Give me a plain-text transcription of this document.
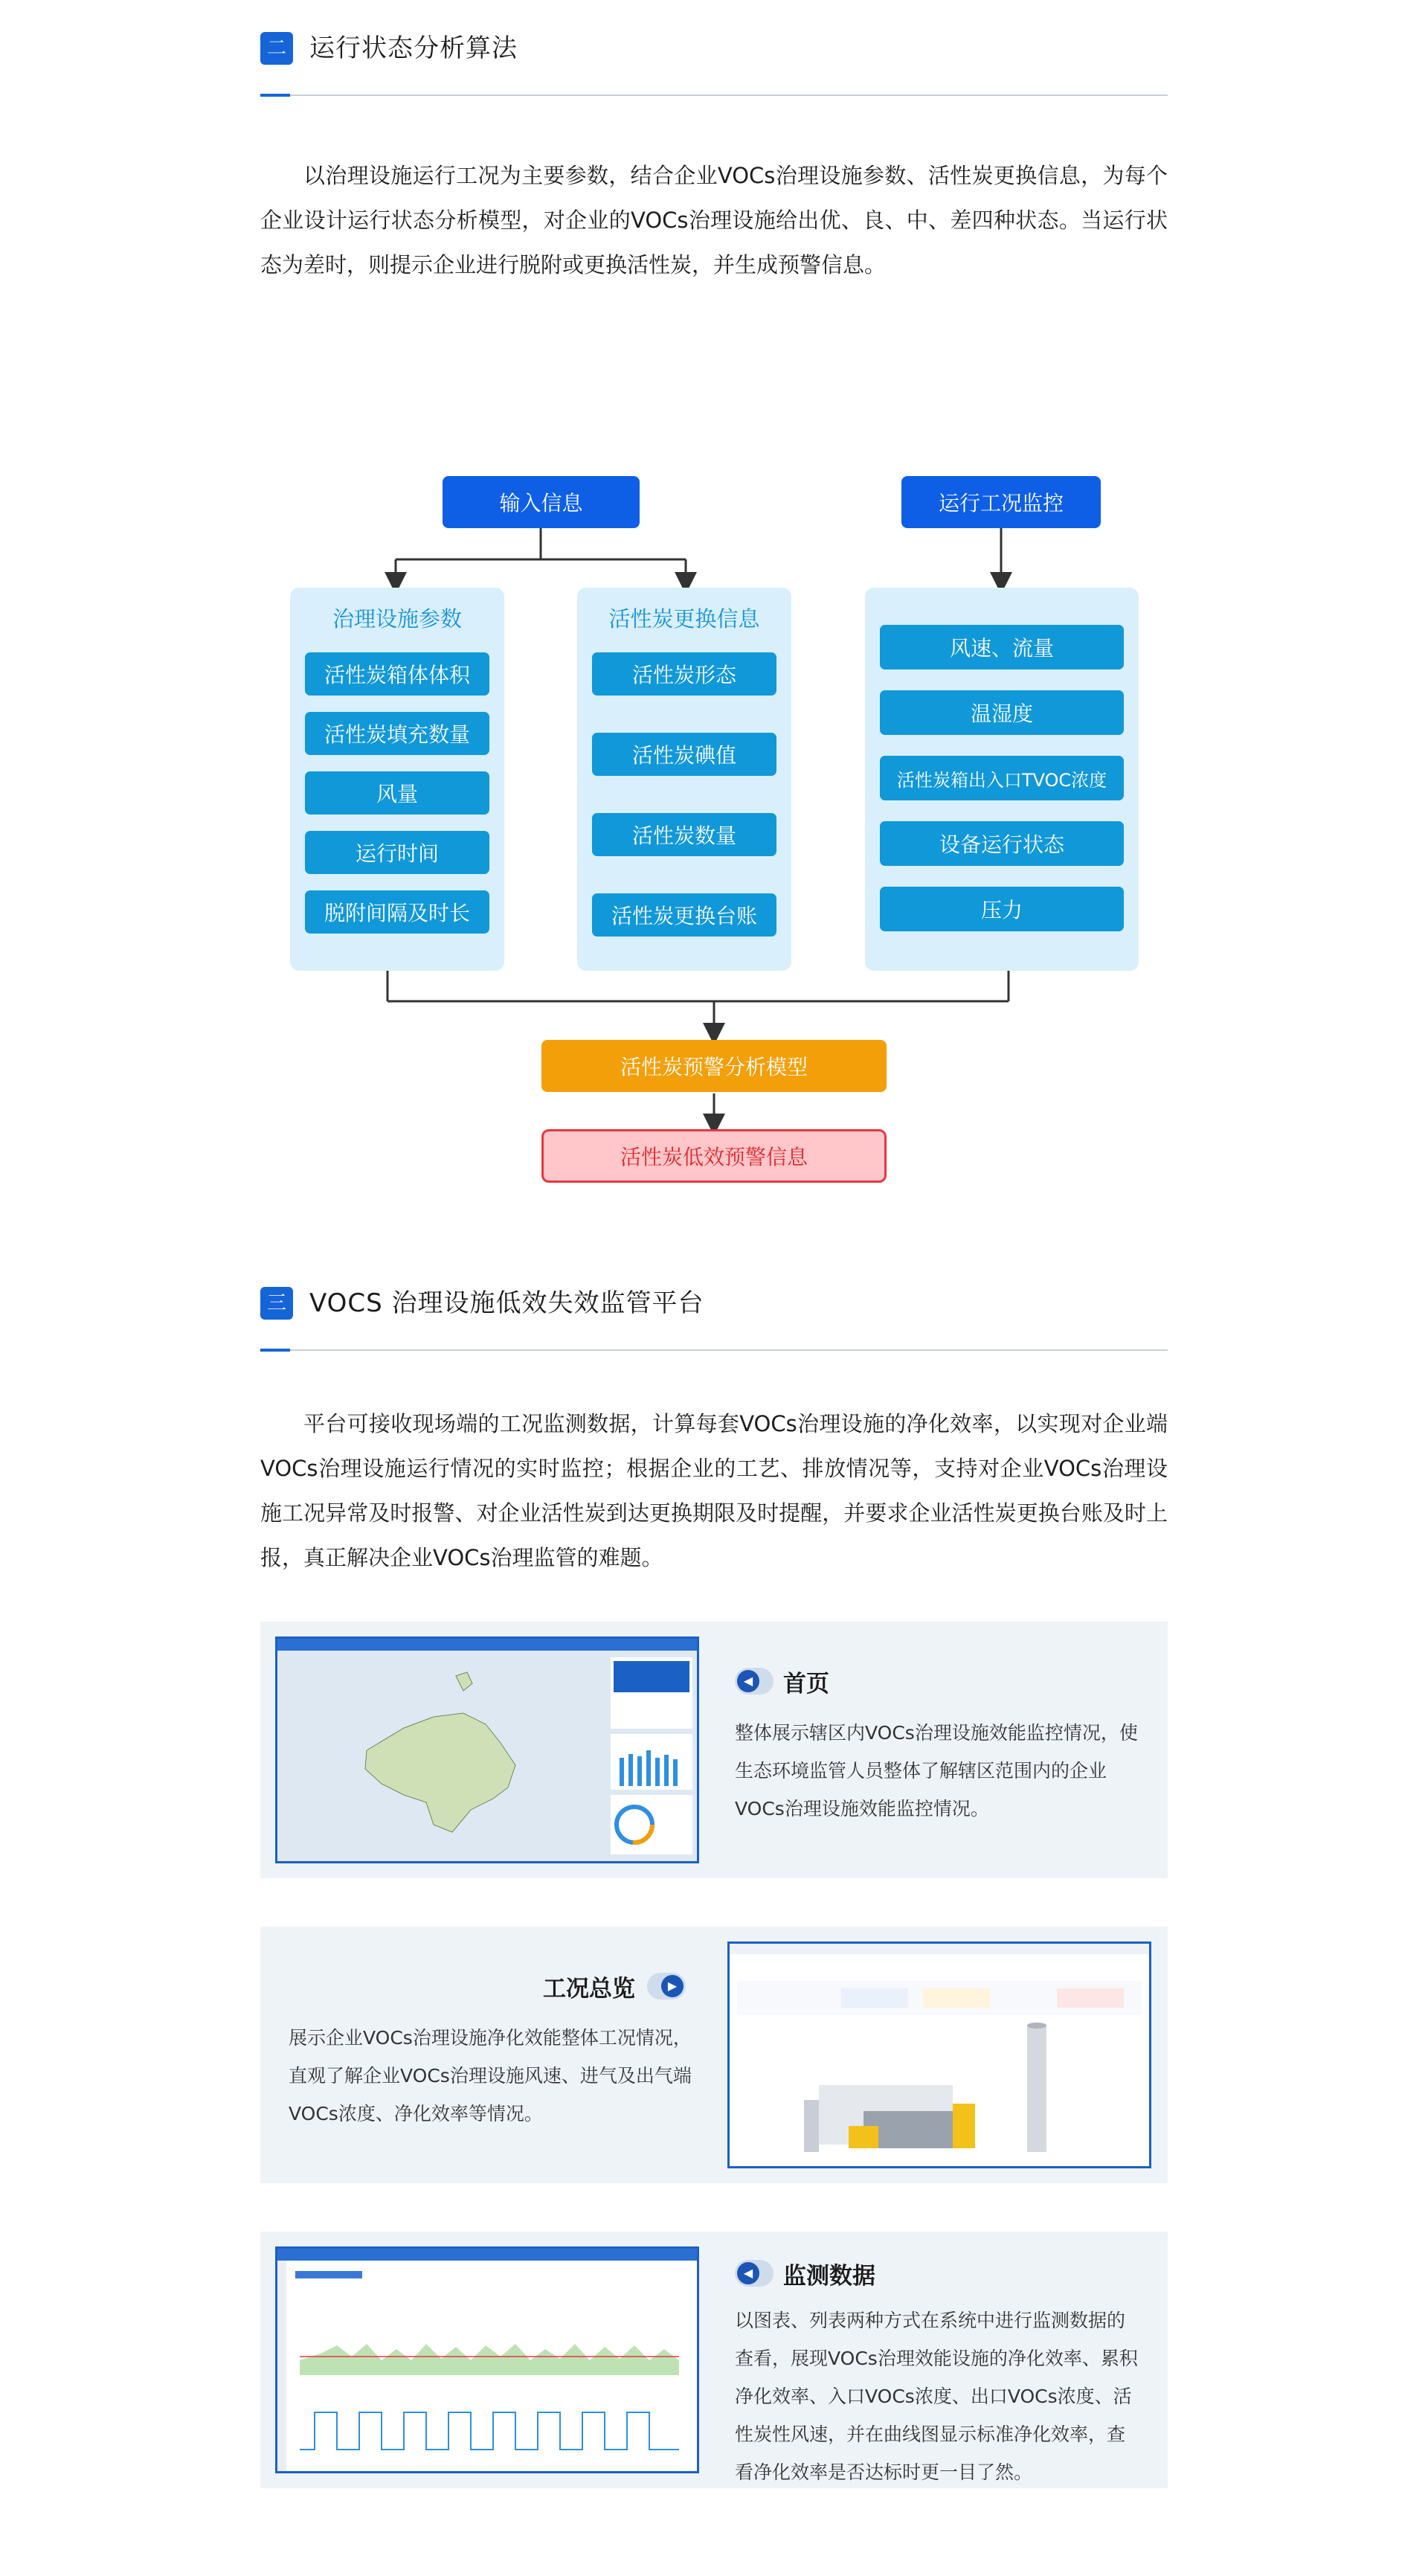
二 运行状态分析算法

以治理设施运行工况为主要参数，结合企业VOCs治理设施参数、活性炭更换信息，为每个企业设计运行状态分析模型，对企业的VOCs治理设施给出优、良、中、差四种状态。当运行状态为差时，则提示企业进行脱附或更换活性炭，并生成预警信息。

输入信息	运行工况监控
治理设施参数
活性炭箱体体积
活性炭填充数量
风量
运行时间
脱附间隔及时长
活性炭更换信息
活性炭形态
活性炭碘值
活性炭数量
活性炭更换台账
风速、流量
温湿度
活性炭箱出入口TVOC浓度
设备运行状态
压力
活性炭预警分析模型
活性炭低效预警信息
三 VOCS 治理设施低效失效监管平台

平台可接收现场端的工况监测数据，计算每套VOCs治理设施的净化效率，以实现对企业端VOCs治理设施运行情况的实时监控；根据企业的工艺、排放情况等，支持对企业VOCs治理设施工况异常及时报警、对企业活性炭到达更换期限及时提醒，并要求企业活性炭更换台账及时上报，真正解决企业VOCs治理监管的难题。

◀ 首页

整体展示辖区内VOCs治理设施效能监控情况，使生态环境监管人员整体了解辖区范围内的企业VOCs治理设施效能监控情况。

▶
工况总览

展示企业VOCs治理设施净化效能整体工况情况，直观了解企业VOCs治理设施风速、进气及出气端VOCs浓度、净化效率等情况。

◀ 监测数据

以图表、列表两种方式在系统中进行监测数据的查看，展现VOCs治理效能设施的净化效率、累积净化效率、入口VOCs浓度、出口VOCs浓度、活性炭性风速，并在曲线图显示标准净化效率，查看净化效率是否达标时更一目了然。
